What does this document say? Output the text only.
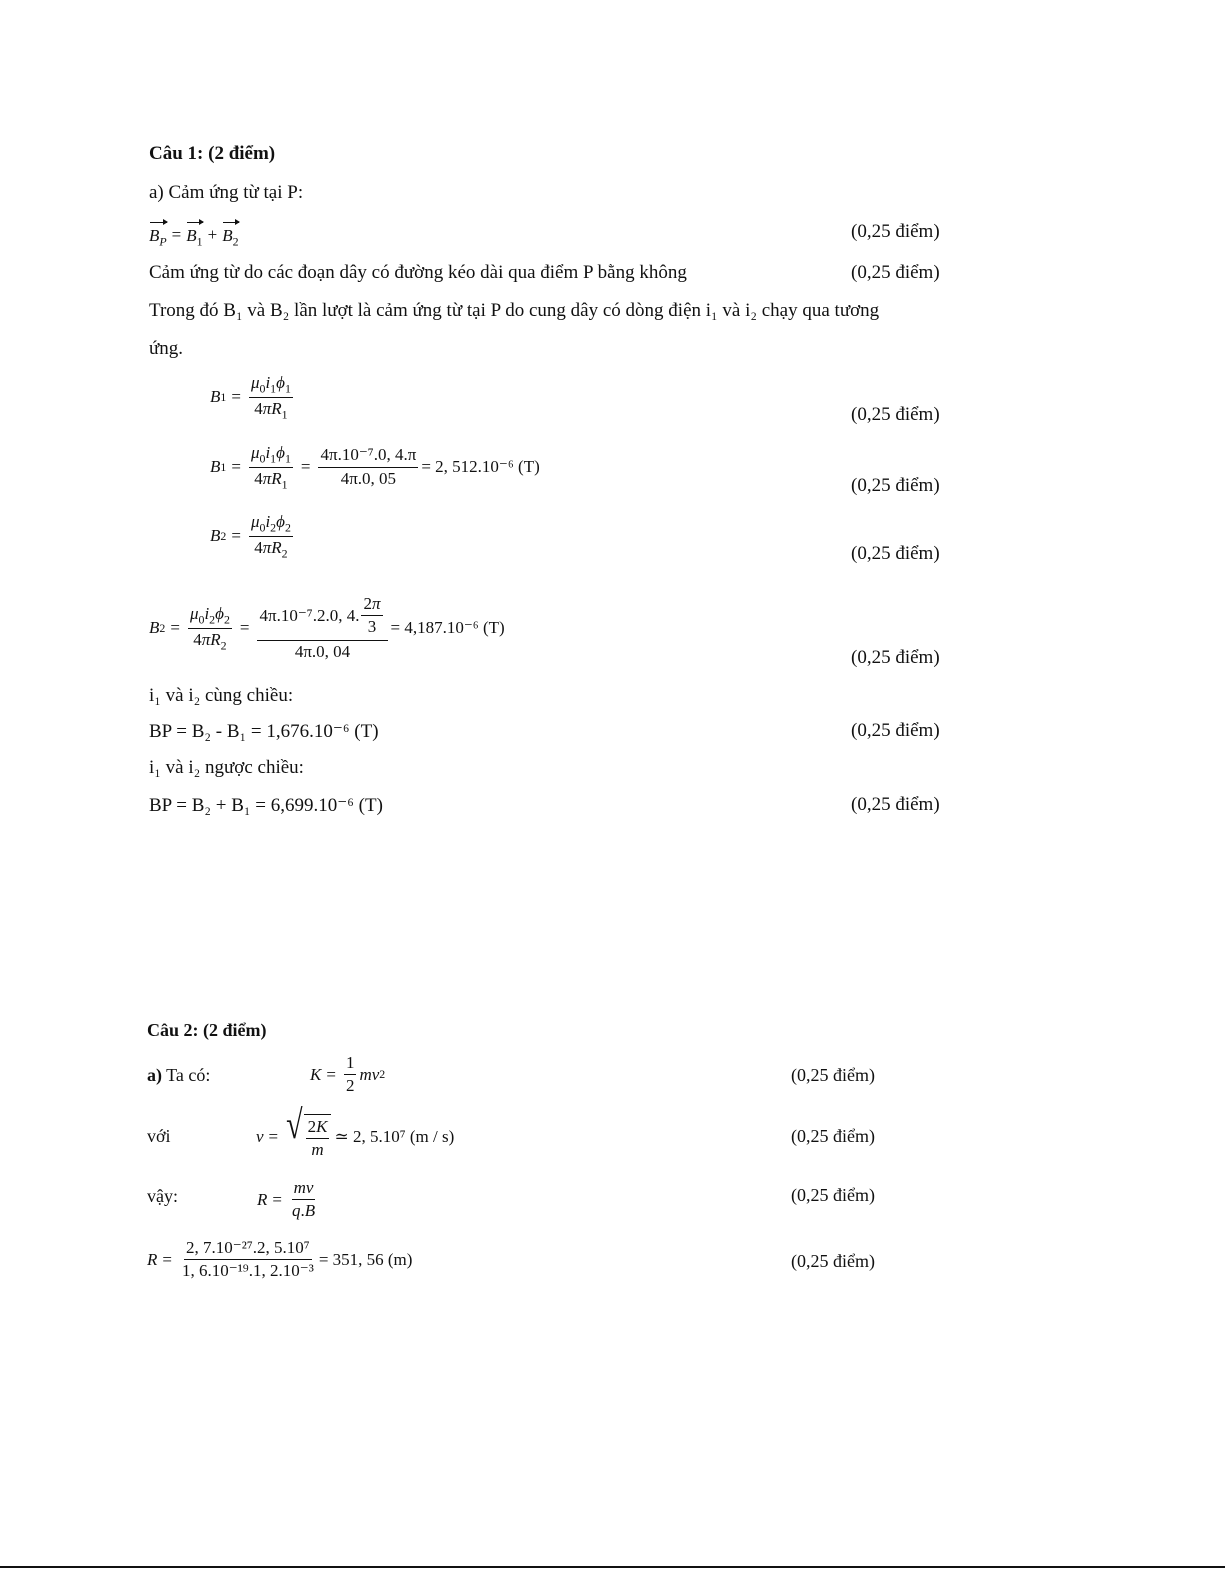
Câu 1: (2 điểm)
a) Cảm ứng từ tại P:
$B_P = B_1 + B_2$	(0,25 điểm)
Cảm ứng từ do các đoạn dây có đường kéo dài qua điểm P bằng không	(0,25 điểm)
Trong đó B₁ và B₂ lần lượt là cảm ứng từ tại P do cung dây có dòng điện i₁ và i₂ chạy qua tương
ứng.
B $1 = \frac{\mu_0i_1\phi_1}{4\pi R_1}$	(0,25 điểm)
B $1 = \frac{\mu_0i_1\phi_1}{4\pi R_1} = \frac{\text{4π.10⁻⁷.0, 4.π}}{4\pi.0, 05} = 2$, 512.10⁻⁶ (T)
(0,25 điểm)
B $2 = \frac{\mu_0i_2\phi_2}{4\pi R_2}$	(0,25 điểm)
B $2 = \frac{\mu_0i_2\phi_2}{4\pi R_2} = \frac{4\pi.10^{-7}.2.0, 4. \frac{2\pi}{3}}{4\pi.0, 04} = 4,187.10^{-6}$ (T)
(0,25 điểm)
i₁ và i₂ cùng chiều:
BP = B₂ - B₁ = 1,676.10⁻⁶ (T)	(0,25 điểm)
i₁ và i₂ ngược chiều:
BP = B₂ + B₁ = 6,699.10⁻⁶ (T)	(0,25 điểm)
Câu 2: (2 điểm)
a) Ta có:	$K = \frac{1}{2}$ mv 2	(0,25 điểm)
với	v = √ $\frac{2K}{m}$ ≃ 2, 5.10⁷ (m / s)	(0,25 điểm)
vậy:	$R = \frac{mv}{q.B}$	(0,25 điểm)
$R = \frac{\text{2, 7.10⁻²⁷.2, 5.10⁷}}{\text{1, 6.10⁻¹⁹.1, 2.10⁻³}} = 351$, 56 (m)	(0,25 điểm)
